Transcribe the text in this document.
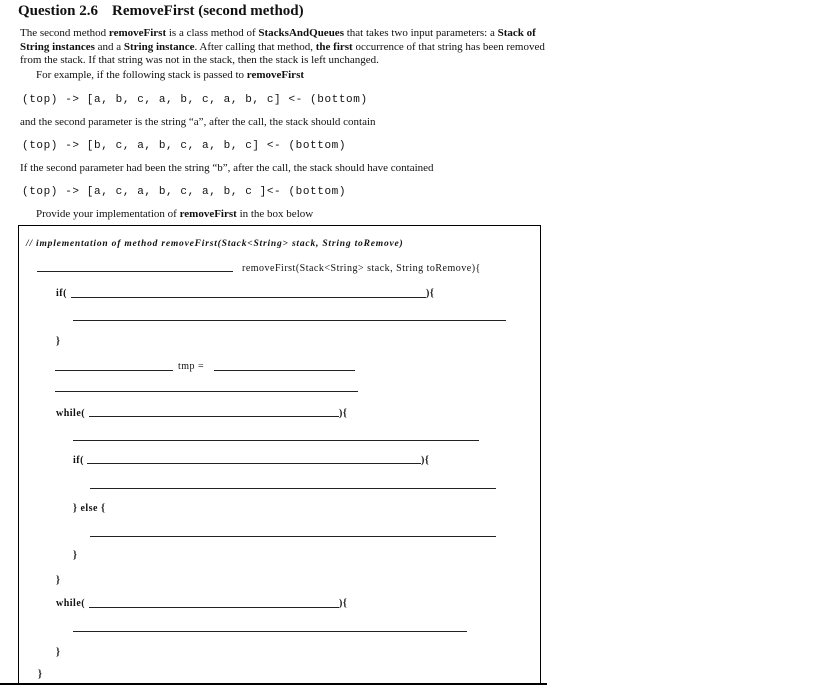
Question 2.6 RemoveFirst (second method)
The second method removeFirst is a class method of StacksAndQueues that takes two input parameters: a Stack of String instances and a String instance. After calling that method, the first occurrence of that string has been removed from the stack. If that string was not in the stack, then the stack is left unchanged.
For example, if the following stack is passed to removeFirst
(top) -> [a, b, c, a, b, c, a, b, c] <- (bottom)
and the second parameter is the string “a”, after the call, the stack should contain
(top) -> [b, c, a, b, c, a, b, c] <- (bottom)
If the second parameter had been the string “b”, after the call, the stack should have contained
(top) -> [a, c, a, b, c, a, b, c ]<- (bottom)
Provide your implementation of removeFirst in the box below
// implementation of method removeFirst(Stack<String> stack, String toRemove)
removeFirst(Stack<String> stack, String toRemove){
if(	){
}
tmp =
while(	){
if(	){
} else {
}
}
while(	){
}
}
